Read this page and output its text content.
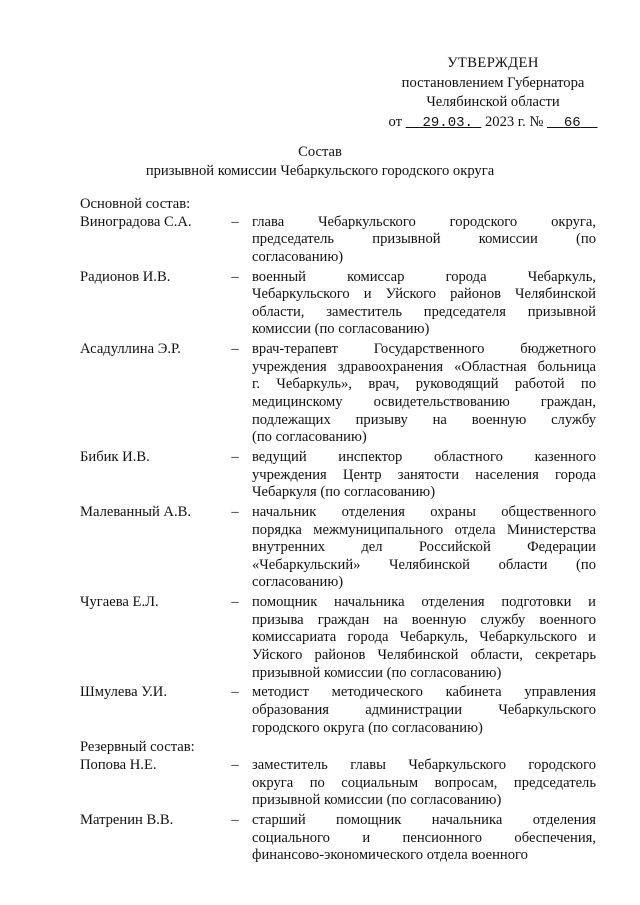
УТВЕРЖДЕН
постановлением Губернатора
Челябинской области
от 29.03. 2023 г. № 66
Состав
призывной комиссии Чебаркульского городского округа
Основной состав:
Виноградова С.А.	– глава Чебаркульского городского округа,
председатель призывной комиссии (по
согласованию)
Радионов И.В.	– военный комиссар города Чебаркуль,
Чебаркульского и Уйского районов Челябинской
области, заместитель председателя призывной
комиссии (по согласованию)
Асадуллина Э.Р.	– врач-терапевт Государственного бюджетного
учреждения здравоохранения «Областная больница
г. Чебаркуль», врач, руководящий работой по
медицинскому освидетельствованию граждан,
подлежащих призыву на военную службу
(по согласованию)
Бибик И.В.	– ведущий инспектор областного казенного
учреждения Центр занятости населения города
Чебаркуля (по согласованию)
Малеванный А.В.	– начальник отделения охраны общественного
порядка межмуниципального отдела Министерства
внутренних дел Российской Федерации
«Чебаркульский» Челябинской области (по
согласованию)
Чугаева Е.Л.	– помощник начальника отделения подготовки и
призыва граждан на военную службу военного
комиссариата города Чебаркуль, Чебаркульского и
Уйского районов Челябинской области, секретарь
призывной комиссии (по согласованию)
Шмулева У.И.	– методист методического кабинета управления
образования администрации Чебаркульского
городского округа (по согласованию)
Резервный состав:
Попова Н.Е.	– заместитель главы Чебаркульского городского
округа по социальным вопросам, председатель
призывной комиссии (по согласованию)
Матренин В.В.	– старший помощник начальника отделения
социального и пенсионного обеспечения,
финансово-экономического отдела военного
